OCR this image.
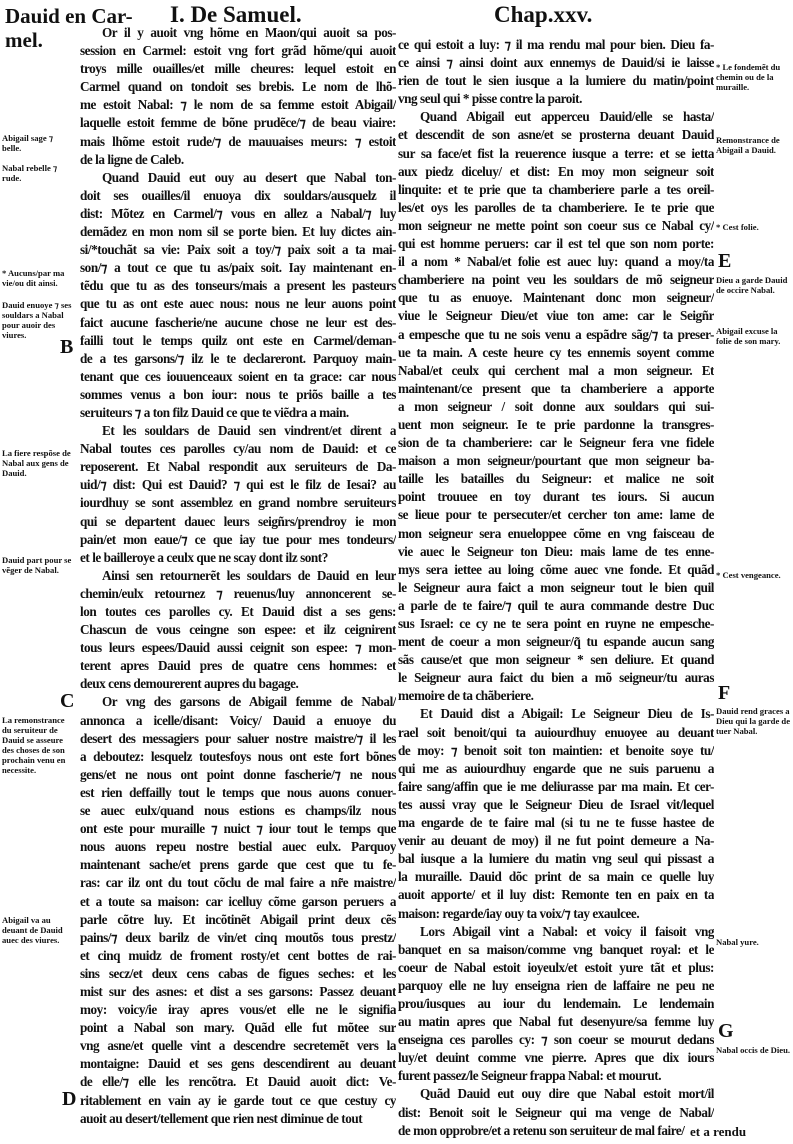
Dauid en Car-
mel.
I. De Samuel.	Chap.xxv.
Or il y auoit vng hõme en Maon/qui auoit sa pos-
session en Carmel: estoit vng fort grãd hõme/qui auoit
troys mille ouailles/et mille cheures: lequel estoit en
Carmel quand on tondoit ses brebis. Le nom de lhõ-
me estoit Nabal: ⁊ le nom de sa femme estoit Abigail/
laquelle estoit femme de bõne prudẽce/⁊ de beau viaire:
mais lhõme estoit rude/⁊ de mauuaises meurs: ⁊ estoit
de la ligne de Caleb.
Quand Dauid eut ouy au desert que Nabal ton-
doit ses ouailles/il enuoya dix souldars/ausquelz il
dist: Mõtez en Carmel/⁊ vous en allez a Nabal/⁊ luy
demãdez en mon nom sil se porte bien. Et luy dictes ain-
si/*touchãt sa vie: Paix soit a toy/⁊ paix soit a ta mai-
son/⁊ a tout ce que tu as/paix soit. Iay maintenant en-
tẽdu que tu as des tonseurs/mais a present les pasteurs
que tu as ont este auec nous: nous ne leur auons point
faict aucune fascherie/ne aucune chose ne leur est des-
failli tout le temps quilz ont este en Carmel/deman-
de a tes garsons/⁊ ilz le te declareront. Parquoy main-
tenant que ces iouuenceaux soient en ta grace: car nous
sommes venus a bon iour: nous te priõs baille a tes
seruiteurs ⁊ a ton filz Dauid ce que te viẽdra a main.
Et les souldars de Dauid sen vindrent/et dirent a
Nabal toutes ces parolles cy/au nom de Dauid: et ce
reposerent. Et Nabal respondit aux seruiteurs de Da-
uid/⁊ dist: Qui est Dauid? ⁊ qui est le filz de Iesai? au
iourdhuy se sont assemblez en grand nombre seruiteurs
qui se departent dauec leurs seigñrs/prendroy ie mon
pain/et mon eaue/⁊ ce que iay tue pour mes tondeurs/
et le bailleroye a ceulx que ne scay dont ilz sont?
Ainsi sen retournerẽt les souldars de Dauid en leur
chemin/eulx retournez ⁊ reuenus/luy annoncerent se-
lon toutes ces parolles cy. Et Dauid dist a ses gens:
Chascun de vous ceingne son espee: et ilz ceignirent
tous leurs espees/Dauid aussi ceignit son espee: ⁊ mon-
terent apres Dauid pres de quatre cens hommes: et
deux cens demourerent aupres du bagage.
Or vng des garsons de Abigail femme de Nabal/
annonca a icelle/disant: Voicy/ Dauid a enuoye du
desert des messagiers pour saluer nostre maistre/⁊ il les
a deboutez: lesquelz toutesfoys nous ont este fort bõnes
gens/et ne nous ont point donne fascherie/⁊ ne nous
est rien deffailly tout le temps que nous auons conuer-
se auec eulx/quand nous estions es champs/ilz nous
ont este pour muraille ⁊ nuict ⁊ iour tout le temps que
nous auons repeu nostre bestial auec eulx. Parquoy
maintenant sache/et prens garde que cest que tu fe-
ras: car ilz ont du tout cõclu de mal faire a nr̃e maistre/
et a toute sa maison: car icelluy cõme garson peruers a
parle cõtre luy. Et incõtinẽt Abigail print deux cẽs
pains/⁊ deux barilz de vin/et cinq moutõs tous prestz/
et cinq muidz de froment rosty/et cent bottes de rai-
sins secz/et deux cens cabas de figues seches: et les
mist sur des asnes: et dist a ses garsons: Passez deuant
moy: voicy/ie iray apres vous/et elle ne le signifia
point a Nabal son mary. Quãd elle fut mõtee sur
vng asne/et quelle vint a descendre secretemẽt vers la
montaigne: Dauid et ses gens descendirent au deuant
de elle/⁊ elle les rencõtra. Et Dauid auoit dict: Ve-
ritablement en vain ay ie garde tout ce que cestuy cy
auoit au desert/tellement que rien nest diminue de tout
ce qui estoit a luy: ⁊ il ma rendu mal pour bien. Dieu fa-
ce ainsi ⁊ ainsi doint aux ennemys de Dauid/si ie laisse
rien de tout le sien iusque a la lumiere du matin/point
vng seul qui * pisse contre la paroit.
Quand Abigail eut apperceu Dauid/elle se hasta/
et descendit de son asne/et se prosterna deuant Dauid
sur sa face/et fist la reuerence iusque a terre: et se ietta
aux piedz diceluy/ et dist: En moy mon seigneur soit
linquite: et te prie que ta chamberiere parle a tes oreil-
les/et oys les parolles de ta chamberiere. Ie te prie que
mon seigneur ne mette point son coeur sus ce Nabal cy/
qui est homme peruers: car il est tel que son nom porte:
il a nom * Nabal/et folie est auec luy: quand a moy/ta
chamberiere na point veu les souldars de mõ seigneur
que tu as enuoye. Maintenant donc mon seigneur/
viue le Seigneur Dieu/et viue ton ame: car le Seigñr
a empesche que tu ne sois venu a espãdre sãg/⁊ ta preser-
ue ta main. A ceste heure cy tes ennemis soyent comme
Nabal/et ceulx qui cerchent mal a mon seigneur. Et
maintenant/ce present que ta chamberiere a apporte
a mon seigneur / soit donne aux souldars qui sui-
uent mon seigneur. Ie te prie pardonne la transgres-
sion de ta chamberiere: car le Seigneur fera vne fidele
maison a mon seigneur/pourtant que mon seigneur ba-
taille les batailles du Seigneur: et malice ne soit
point trouuee en toy durant tes iours. Si aucun
se lieue pour te persecuter/et cercher ton ame: lame de
mon seigneur sera enueloppee cõme en vng faisceau de
vie auec le Seigneur ton Dieu: mais lame de tes enne-
mys sera iettee au loing cõme auec vne fonde. Et quãd
le Seigneur aura faict a mon seigneur tout le bien quil
a parle de te faire/⁊ quil te aura commande destre Duc
sus Israel: ce cy ne te sera point en ruyne ne empesche-
ment de coeur a mon seigneur/q̃ tu espande aucun sang
sãs cause/et que mon seigneur * sen deliure. Et quand
le Seigneur aura faict du bien a mõ seigneur/tu auras
memoire de ta chãberiere.
Et Dauid dist a Abigail: Le Seigneur Dieu de Is-
rael soit benoit/qui ta auiourdhuy enuoyee au deuant
de moy: ⁊ benoit soit ton maintien: et benoite soye tu/
qui me as auiourdhuy engarde que ne suis paruenu a
faire sang/affin que ie me deliurasse par ma main. Et cer-
tes aussi vray que le Seigneur Dieu de Israel vit/lequel
ma engarde de te faire mal (si tu ne te fusse hastee de
venir au deuant de moy) il ne fut point demeure a Na-
bal iusque a la lumiere du matin vng seul qui pissast a
la muraille. Dauid dõc print de sa main ce quelle luy
auoit apporte/ et il luy dist: Remonte ten en paix en ta
maison: regarde/iay ouy ta voix/⁊ tay exaulcee.
Lors Abigail vint a Nabal: et voicy il faisoit vng
banquet en sa maison/comme vng banquet royal: et le
coeur de Nabal estoit ioyeulx/et estoit yure tãt et plus:
parquoy elle ne luy enseigna rien de laffaire ne peu ne
prou/iusques au iour du lendemain. Le lendemain
au matin apres que Nabal fut desenyure/sa femme luy
enseigna ces parolles cy: ⁊ son coeur se mourut dedans
luy/et deuint comme vne pierre. Apres que dix iours
furent passez/le Seigneur frappa Nabal: et mourut.
Quãd Dauid eut ouy dire que Nabal estoit mort/il
dist: Benoit soit le Seigneur qui ma venge de Nabal/
de mon opprobre/et a retenu son seruiteur de mal faire/
Abigail sage ⁊ belle.
Nabal rebelle ⁊ rude.
* Aucuns/par ma vie/ou dit ainsi.
Dauid enuoye ⁊ ses souldars a Nabal pour auoir des viures.
B
La fiere respõse de Nabal aux gens de Dauid.
Dauid part pour se vẽger de Nabal.
C
La remonstrance du seruiteur de Dauid se asseure des choses de son prochain venu en necessite.
Abigail va au deuant de Dauid auec des viures.
D
* Le fondemẽt du chemin ou de la muraille.
Remonstrance de Abigail a Dauid.
* Cest folie.
E
Dieu a garde Dauid de occire Nabal.
Abigail excuse la folie de son mary.
* Cest vengeance.
F
Dauid rend graces a Dieu qui la garde de tuer Nabal.
Nabal yure.
G
Nabal occis de Dieu.
et a rendu
